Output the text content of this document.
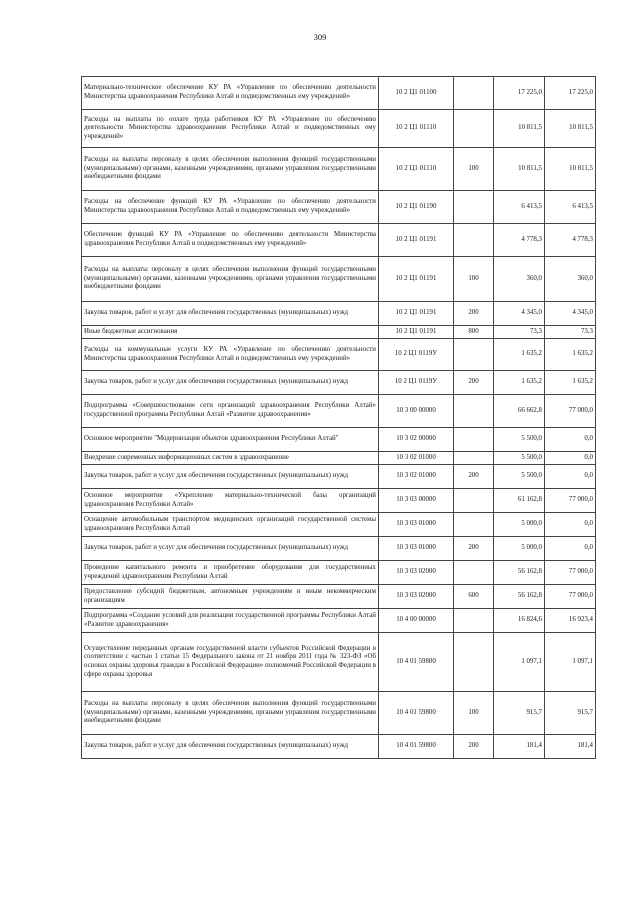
309
Материально-техническое обеспечение КУ РА «Управление по обеспечению деятельности Министерства здравоохранения Республики Алтай и подведомственных ему учреждений»	10 2 Ц1 01100		17 225,0	17 225,0
Расходы на выплаты по оплате труда работников КУ РА «Управление по обеспечению деятельности Министерства здравоохранения Республики Алтай и подведомственных ему учреждений»	10 2 Ц1 01110		10 811,5	10 811,5
Расходы на выплаты персоналу в целях обеспечения выполнения функций государственными (муниципальными) органами, казенными учреждениями, органами управления государственными внебюджетными фондами	10 2 Ц1 01110	100	10 811,5	10 811,5
Расходы на обеспечение функций КУ РА «Управление по обеспечению деятельности Министерства здравоохранения Республики Алтай и подведомственных ему учреждений»	10 2 Ц1 01190		6 413,5	6 413,5
Обеспечение функций КУ РА «Управление по обеспечению деятельности Министерства здравоохранения Республики Алтай и подведомственных ему учреждений»	10 2 Ц1 01191		4 778,3	4 778,3
Расходы на выплаты персоналу в целях обеспечения выполнения функций государственными (муниципальными) органами, казенными учреждениями, органами управления государственными внебюджетными фондами	10 2 Ц1 01191	100	360,0	360,0
Закупка товаров, работ и услуг для обеспечения государственных (муниципальных) нужд	10 2 Ц1 01191	200	4 345,0	4 345,0
Иные бюджетные ассигнования	10 2 Ц1 01191	800	73,3	73,3
Расходы на коммунальные услуги КУ РА «Управление по обеспечению деятельности Министерства здравоохранения Республики Алтай и подведомственных ему учреждений»	10 2 Ц1 0119У		1 635,2	1 635,2
Закупка товаров, работ и услуг для обеспечения государственных (муниципальных) нужд	10 2 Ц1 0119У	200	1 635,2	1 635,2
Подпрограмма «Совершенствование сети организаций здравоохранения Республики Алтай» государственной программы Республики Алтай «Развитие здравоохранения»	10 3 00 00000		66 662,8	77 000,0
Основное мероприятие "Модернизация объектов здравоохранения Республики Алтай"	10 3 02 00000		5 500,0	0,0
Внедрение современных информационных систем в здравоохранение	10 3 02 01000		5 500,0	0,0
Закупка товаров, работ и услуг для обеспечения государственных (муниципальных) нужд	10 3 02 01000	200	5 500,0	0,0
Основное мероприятие «Укрепление материально-технической базы организаций здравоохранения Республики Алтай»	10 3 03 00000		61 162,8	77 000,0
Оснащение автомобильным транспортом медицинских организаций государственной системы здравоохранения Республики Алтай	10 3 03 01000		5 000,0	0,0
Закупка товаров, работ и услуг для обеспечения государственных (муниципальных) нужд	10 3 03 01000	200	5 000,0	0,0
Проведение капитального ремонта и приобретение оборудования для государственных учреждений здравоохранения Республики Алтай	10 3 03 02000		56 162,8	77 000,0
Предоставление субсидий бюджетным, автономным учреждениям и иным некоммерческим организациям	10 3 03 02000	600	56 162,8	77 000,0
Подпрограмма «Создание условий для реализации государственной программы Республики Алтай «Развитие здравоохранения»	10 4 00 00000		16 824,6	16 923,4
Осуществление переданных органам государственной власти субъектов Российской Федерации в соответствии с частью 1 статьи 15 Федерального закона от 21 ноября 2011 года № 323-ФЗ «Об основах охраны здоровья граждан в Российской Федерации» полномочий Российской Федерации в сфере охраны здоровья	10 4 01 59800		1 097,1	1 097,1
Расходы на выплаты персоналу в целях обеспечения выполнения функций государственными (муниципальными) органами, казенными учреждениями, органами управления государственными внебюджетными фондами	10 4 01 59800	100	915,7	915,7
Закупка товаров, работ и услуг для обеспечения государственных (муниципальных) нужд	10 4 01 59800	200	181,4	181,4
